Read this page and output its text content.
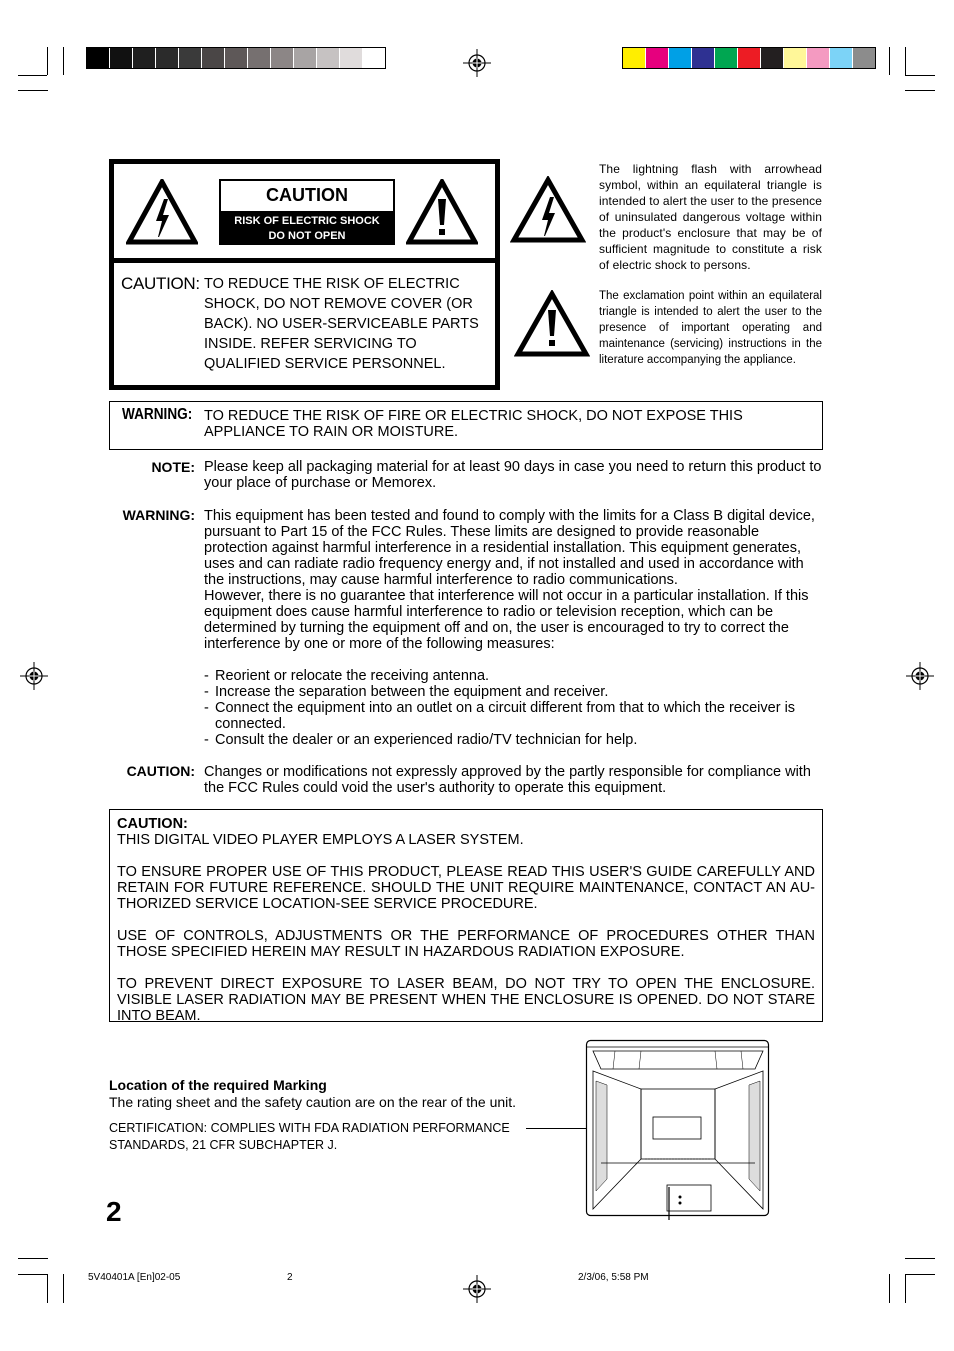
CAUTION
RISK OF ELECTRIC SHOCK
DO NOT OPEN
CAUTION: TO REDUCE THE RISK OF ELECTRIC SHOCK, DO NOT REMOVE COVER (OR BACK). NO USER-SERVICEABLE PARTS INSIDE. REFER SERVICING TO QUALIFIED SERVICE PERSONNEL.
The lightning flash with arrowhead symbol, within an equilateral triangle is intended to alert the user to the presence of uninsulated dangerous voltage within the product's enclosure that may be of sufficient magnitude to constitute a risk of electric shock to persons.
The exclamation point within an equilateral triangle is intended to alert the user to the presence of important operating and maintenance (servicing) instructions in the literature accompanying the appliance.
WARNING: TO REDUCE THE RISK OF FIRE OR ELECTRIC SHOCK, DO NOT EXPOSE THIS APPLIANCE TO RAIN OR MOISTURE.
NOTE: Please keep all packaging material for at least 90 days in case you need to return this product to your place of purchase or Memorex.
WARNING: This equipment has been tested and found to comply with the limits for a Class B digital device, pursuant to Part 15 of the FCC Rules. These limits are designed to provide reasonable protection against harmful interference in a residential installation. This equipment generates, uses and can radiate radio frequency energy and, if not installed and used in accordance with the instructions, may cause harmful interference to radio communications.
However, there is no guarantee that interference will not occur in a particular installation. If this equipment does cause harmful interference to radio or television reception, which can be determined by turning the equipment off and on, the user is encouraged to try to correct the interference by one or more of the following measures:
- Reorient or relocate the receiving antenna.
- Increase the separation between the equipment and receiver.
- Connect the equipment into an outlet on a circuit different from that to which the receiver is connected.
- Consult the dealer or an experienced radio/TV technician for help.
CAUTION: Changes or modifications not expressly approved by the partly responsible for compliance with the FCC Rules could void the user's authority to operate this equipment.

CAUTION:

THIS DIGITAL VIDEO PLAYER EMPLOYS A LASER SYSTEM.

TO ENSURE PROPER USE OF THIS PRODUCT, PLEASE READ THIS USER'S GUIDE CAREFULLY AND RETAIN FOR FUTURE REFERENCE. SHOULD THE UNIT REQUIRE MAINTENANCE, CONTACT AN AU-THORIZED SERVICE LOCATION-SEE SERVICE PROCEDURE.

USE OF CONTROLS, ADJUSTMENTS OR THE PERFORMANCE OF PROCEDURES OTHER THAN THOSE SPECIFIED HEREIN MAY RESULT IN HAZARDOUS RADIATION EXPOSURE.

TO PREVENT DIRECT EXPOSURE TO LASER BEAM, DO NOT TRY TO OPEN THE ENCLOSURE. VISIBLE LASER RADIATION MAY BE PRESENT WHEN THE ENCLOSURE IS OPENED. DO NOT STARE INTO BEAM.

Location of the required Marking
The rating sheet and the safety caution are on the rear of the unit.
CERTIFICATION: COMPLIES WITH FDA RADIATION PERFORMANCE
STANDARDS, 21 CFR SUBCHAPTER J.
2
5V40401A [En]02-05	2	2/3/06, 5:58 PM
